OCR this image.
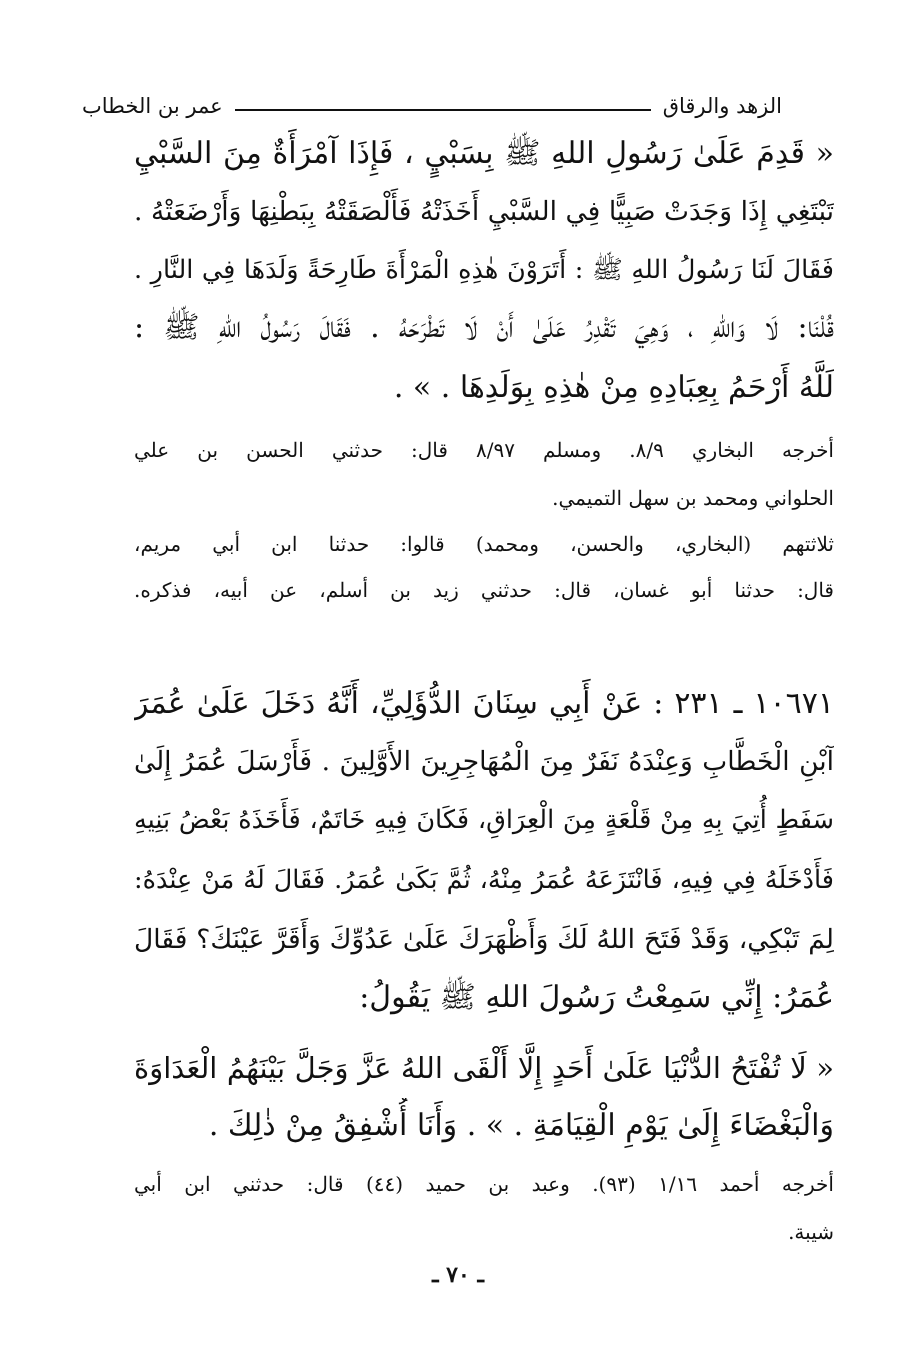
الزهد والرقاق
عمر بن الخطاب
« قَدِمَ عَلَىٰ رَسُولِ اللهِ ﷺ بِسَبْيٍ ، فَإِذَا آمْرَأَةٌ مِنَ السَّبْيِ
تَبْتَغِي إِذَا وَجَدَتْ صَبِيًّا فِي السَّبْيِ أَخَذَتْهُ فَأَلْصَقَتْهُ بِبَطْنِهَا وَأَرْضَعَتْهُ .
فَقَالَ لَنَا رَسُولُ اللهِ ﷺ : أَتَرَوْنَ هٰذِهِ الْمَرْأَةَ طَارِحَةً وَلَدَهَا فِي النَّارِ .
قُلْنَا: لَا وَاللهِ ، وَهِيَ تَقْدِرُ عَلَىٰ أَنْ لَا تَطْرَحَهُ . فَقَالَ رَسُولُ اللهِ ﷺ :
لَلَّهُ أَرْحَمُ بِعِبَادِهِ مِنْ هٰذِهِ بِوَلَدِهَا . » .
أخرجه البخاري ٨/٩. ومسلم ٨/٩٧ قال: حدثني الحسن بن علي
الحلواني ومحمد بن سهل التميمي.
ثلاثتهم (البخاري، والحسن، ومحمد) قالوا: حدثنا ابن أبي مريم،
قال: حدثنا أبو غسان، قال: حدثني زيد بن أسلم، عن أبيه، فذكره.
١٠٦٧١ ـ ٢٣١ : عَنْ أَبِي سِنَانَ الدُّؤَلِيِّ، أَنَّهُ دَخَلَ عَلَىٰ عُمَرَ
آبْنِ الْخَطَّابِ وَعِنْدَهُ نَفَرٌ مِنَ الْمُهَاجِرِينَ الأَوَّلِينَ . فَأَرْسَلَ عُمَرُ إِلَىٰ
سَفَطٍ أُتِيَ بِهِ مِنْ قَلْعَةٍ مِنَ الْعِرَاقِ، فَكَانَ فِيهِ خَاتَمٌ، فَأَخَذَهُ بَعْضُ بَنِيهِ
فَأَدْخَلَهُ فِي فِيهِ، فَانْتَزَعَهُ عُمَرُ مِنْهُ، ثُمَّ بَكَىٰ عُمَرُ. فَقَالَ لَهُ مَنْ عِنْدَهُ:
لِمَ تَبْكِي، وَقَدْ فَتَحَ اللهُ لَكَ وَأَظْهَرَكَ عَلَىٰ عَدُوِّكَ وَأَقَرَّ عَيْنَكَ؟ فَقَالَ
عُمَرُ: إِنِّي سَمِعْتُ رَسُولَ اللهِ ﷺ يَقُولُ:
« لَا تُفْتَحُ الدُّنْيَا عَلَىٰ أَحَدٍ إِلَّا أَلْقَى اللهُ عَزَّ وَجَلَّ بَيْنَهُمُ الْعَدَاوَةَ
وَالْبَغْضَاءَ إِلَىٰ يَوْمِ الْقِيَامَةِ . » . وَأَنَا أُشْفِقُ مِنْ ذٰلِكَ .
أخرجه أحمد ١/١٦ (٩٣). وعبد بن حميد (٤٤) قال: حدثني ابن أبي
شيبة.
ـ ٧٠ ـ
